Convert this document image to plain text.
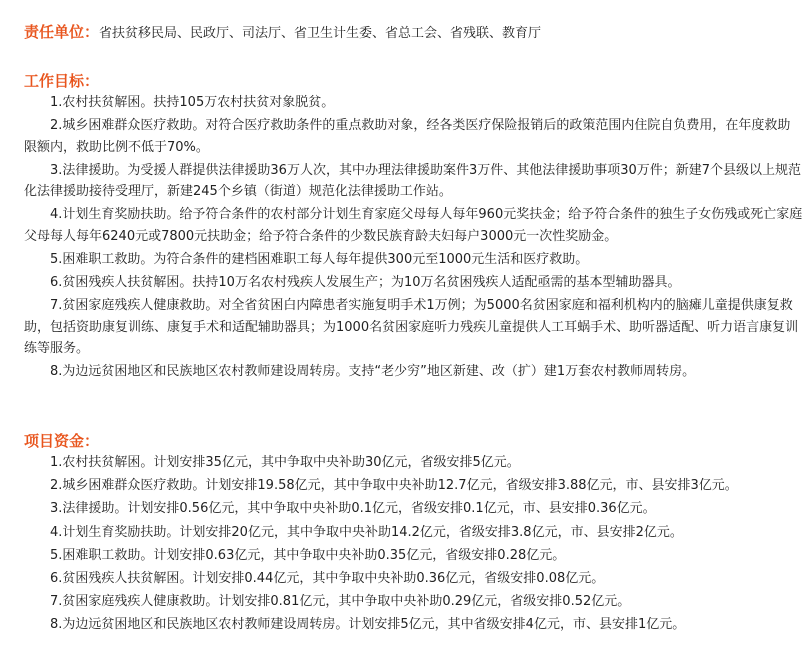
责任单位：省扶贫移民局、民政厅、司法厅、省卫生计生委、省总工会、省残联、教育厅
工作目标：

1.农村扶贫解困。扶持105万农村扶贫对象脱贫。

2.城乡困难群众医疗救助。对符合医疗救助条件的重点救助对象，经各类医疗保险报销后的政策范围内住院自负费用，在年度救助限额内，救助比例不低于70%。

3.法律援助。为受援人群提供法律援助36万人次，其中办理法律援助案件3万件、其他法律援助事项30万件；新建7个县级以上规范化法律援助接待受理厅，新建245个乡镇（街道）规范化法律援助工作站。

4.计划生育奖励扶助。给予符合条件的农村部分计划生育家庭父母每人每年960元奖扶金；给予符合条件的独生子女伤残或死亡家庭父母每人每年6240元或7800元扶助金；给予符合条件的少数民族育龄夫妇每户3000元一次性奖励金。

5.困难职工救助。为符合条件的建档困难职工每人每年提供300元至1000元生活和医疗救助。

6.贫困残疾人扶贫解困。扶持10万名农村残疾人发展生产；为10万名贫困残疾人适配亟需的基本型辅助器具。

7.贫困家庭残疾人健康救助。对全省贫困白内障患者实施复明手术1万例；为5000名贫困家庭和福利机构内的脑瘫儿童提供康复救助，包括资助康复训练、康复手术和适配辅助器具；为1000名贫困家庭听力残疾儿童提供人工耳蜗手术、助听器适配、听力语言康复训练等服务。

8.为边远贫困地区和民族地区农村教师建设周转房。支持“老少穷”地区新建、改（扩）建1万套农村教师周转房。

项目资金：

1.农村扶贫解困。计划安排35亿元，其中争取中央补助30亿元，省级安排5亿元。

2.城乡困难群众医疗救助。计划安排19.58亿元，其中争取中央补助12.7亿元，省级安排3.88亿元，市、县安排3亿元。

3.法律援助。计划安排0.56亿元，其中争取中央补助0.1亿元，省级安排0.1亿元，市、县安排0.36亿元。

4.计划生育奖励扶助。计划安排20亿元，其中争取中央补助14.2亿元，省级安排3.8亿元，市、县安排2亿元。

5.困难职工救助。计划安排0.63亿元，其中争取中央补助0.35亿元，省级安排0.28亿元。

6.贫困残疾人扶贫解困。计划安排0.44亿元，其中争取中央补助0.36亿元，省级安排0.08亿元。

7.贫困家庭残疾人健康救助。计划安排0.81亿元，其中争取中央补助0.29亿元，省级安排0.52亿元。

8.为边远贫困地区和民族地区农村教师建设周转房。计划安排5亿元，其中省级安排4亿元，市、县安排1亿元。
